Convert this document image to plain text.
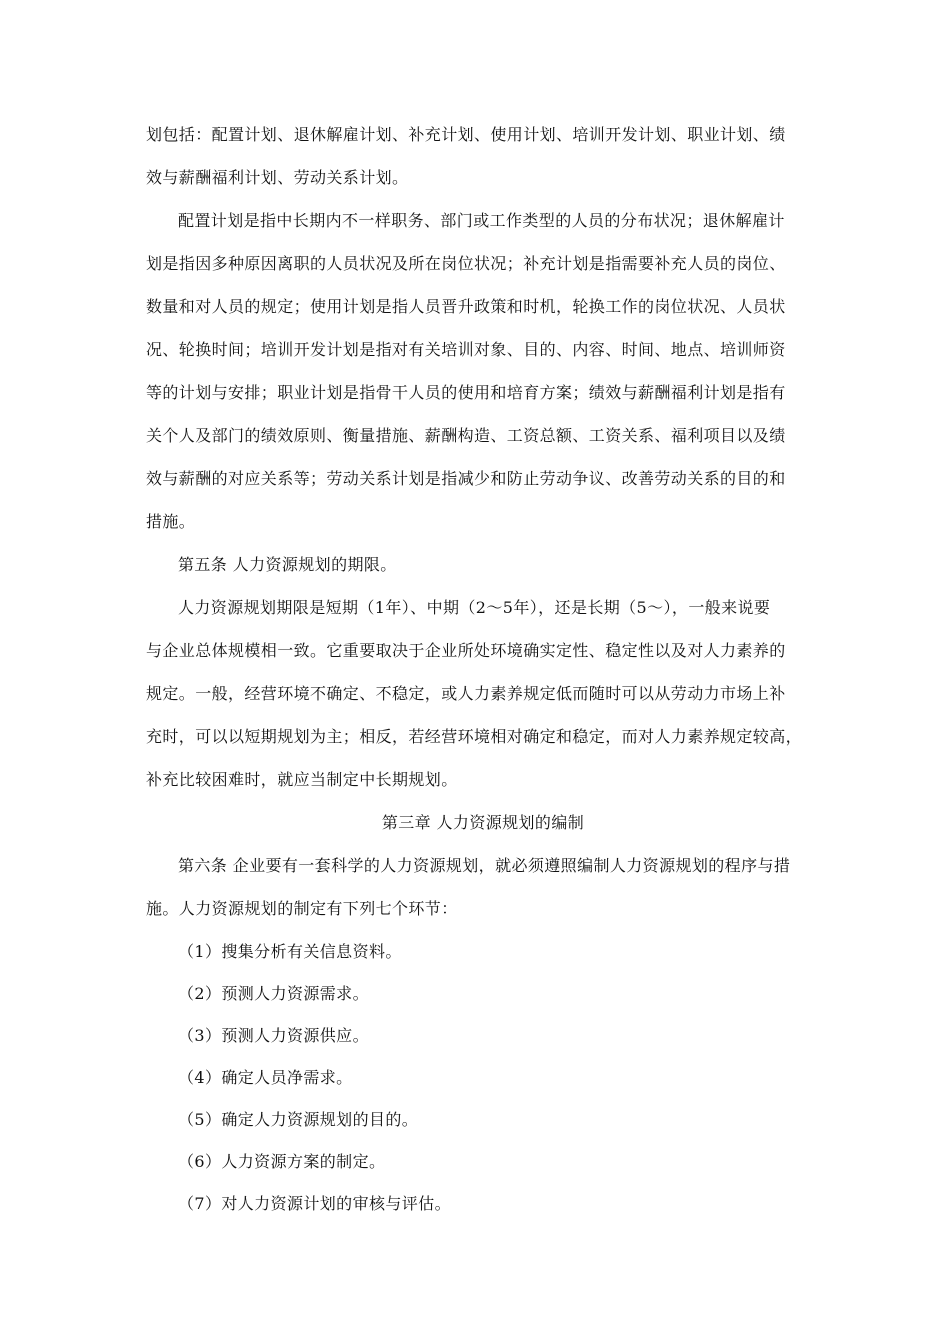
划包括：配置计划、退休解雇计划、补充计划、使用计划、培训开发计划、职业计划、绩
效与薪酬福利计划、劳动关系计划。
配置计划是指中长期内不一样职务、部门或工作类型的人员的分布状况；退休解雇计
划是指因多种原因离职的人员状况及所在岗位状况；补充计划是指需要补充人员的岗位、
数量和对人员的规定；使用计划是指人员晋升政策和时机，轮换工作的岗位状况、人员状
况、轮换时间；培训开发计划是指对有关培训对象、目的、内容、时间、地点、培训师资
等的计划与安排；职业计划是指骨干人员的使用和培育方案；绩效与薪酬福利计划是指有
关个人及部门的绩效原则、衡量措施、薪酬构造、工资总额、工资关系、福利项目以及绩
效与薪酬的对应关系等；劳动关系计划是指减少和防止劳动争议、改善劳动关系的目的和
措施。
第五条 人力资源规划的期限。
人力资源规划期限是短期（1年）、中期（2～5年），还是长期（5～），一般来说要
与企业总体规模相一致。它重要取决于企业所处环境确实定性、稳定性以及对人力素养的
规定。一般，经营环境不确定、不稳定，或人力素养规定低而随时可以从劳动力市场上补
充时，可以以短期规划为主；相反，若经营环境相对确定和稳定，而对人力素养规定较高，
补充比较困难时，就应当制定中长期规划。
第三章 人力资源规划的编制
第六条 企业要有一套科学的人力资源规划，就必须遵照编制人力资源规划的程序与措
施。人力资源规划的制定有下列七个环节：
（1）搜集分析有关信息资料。
（2）预测人力资源需求。
（3）预测人力资源供应。
（4）确定人员净需求。
（5）确定人力资源规划的目的。
（6）人力资源方案的制定。
（7）对人力资源计划的审核与评估。
